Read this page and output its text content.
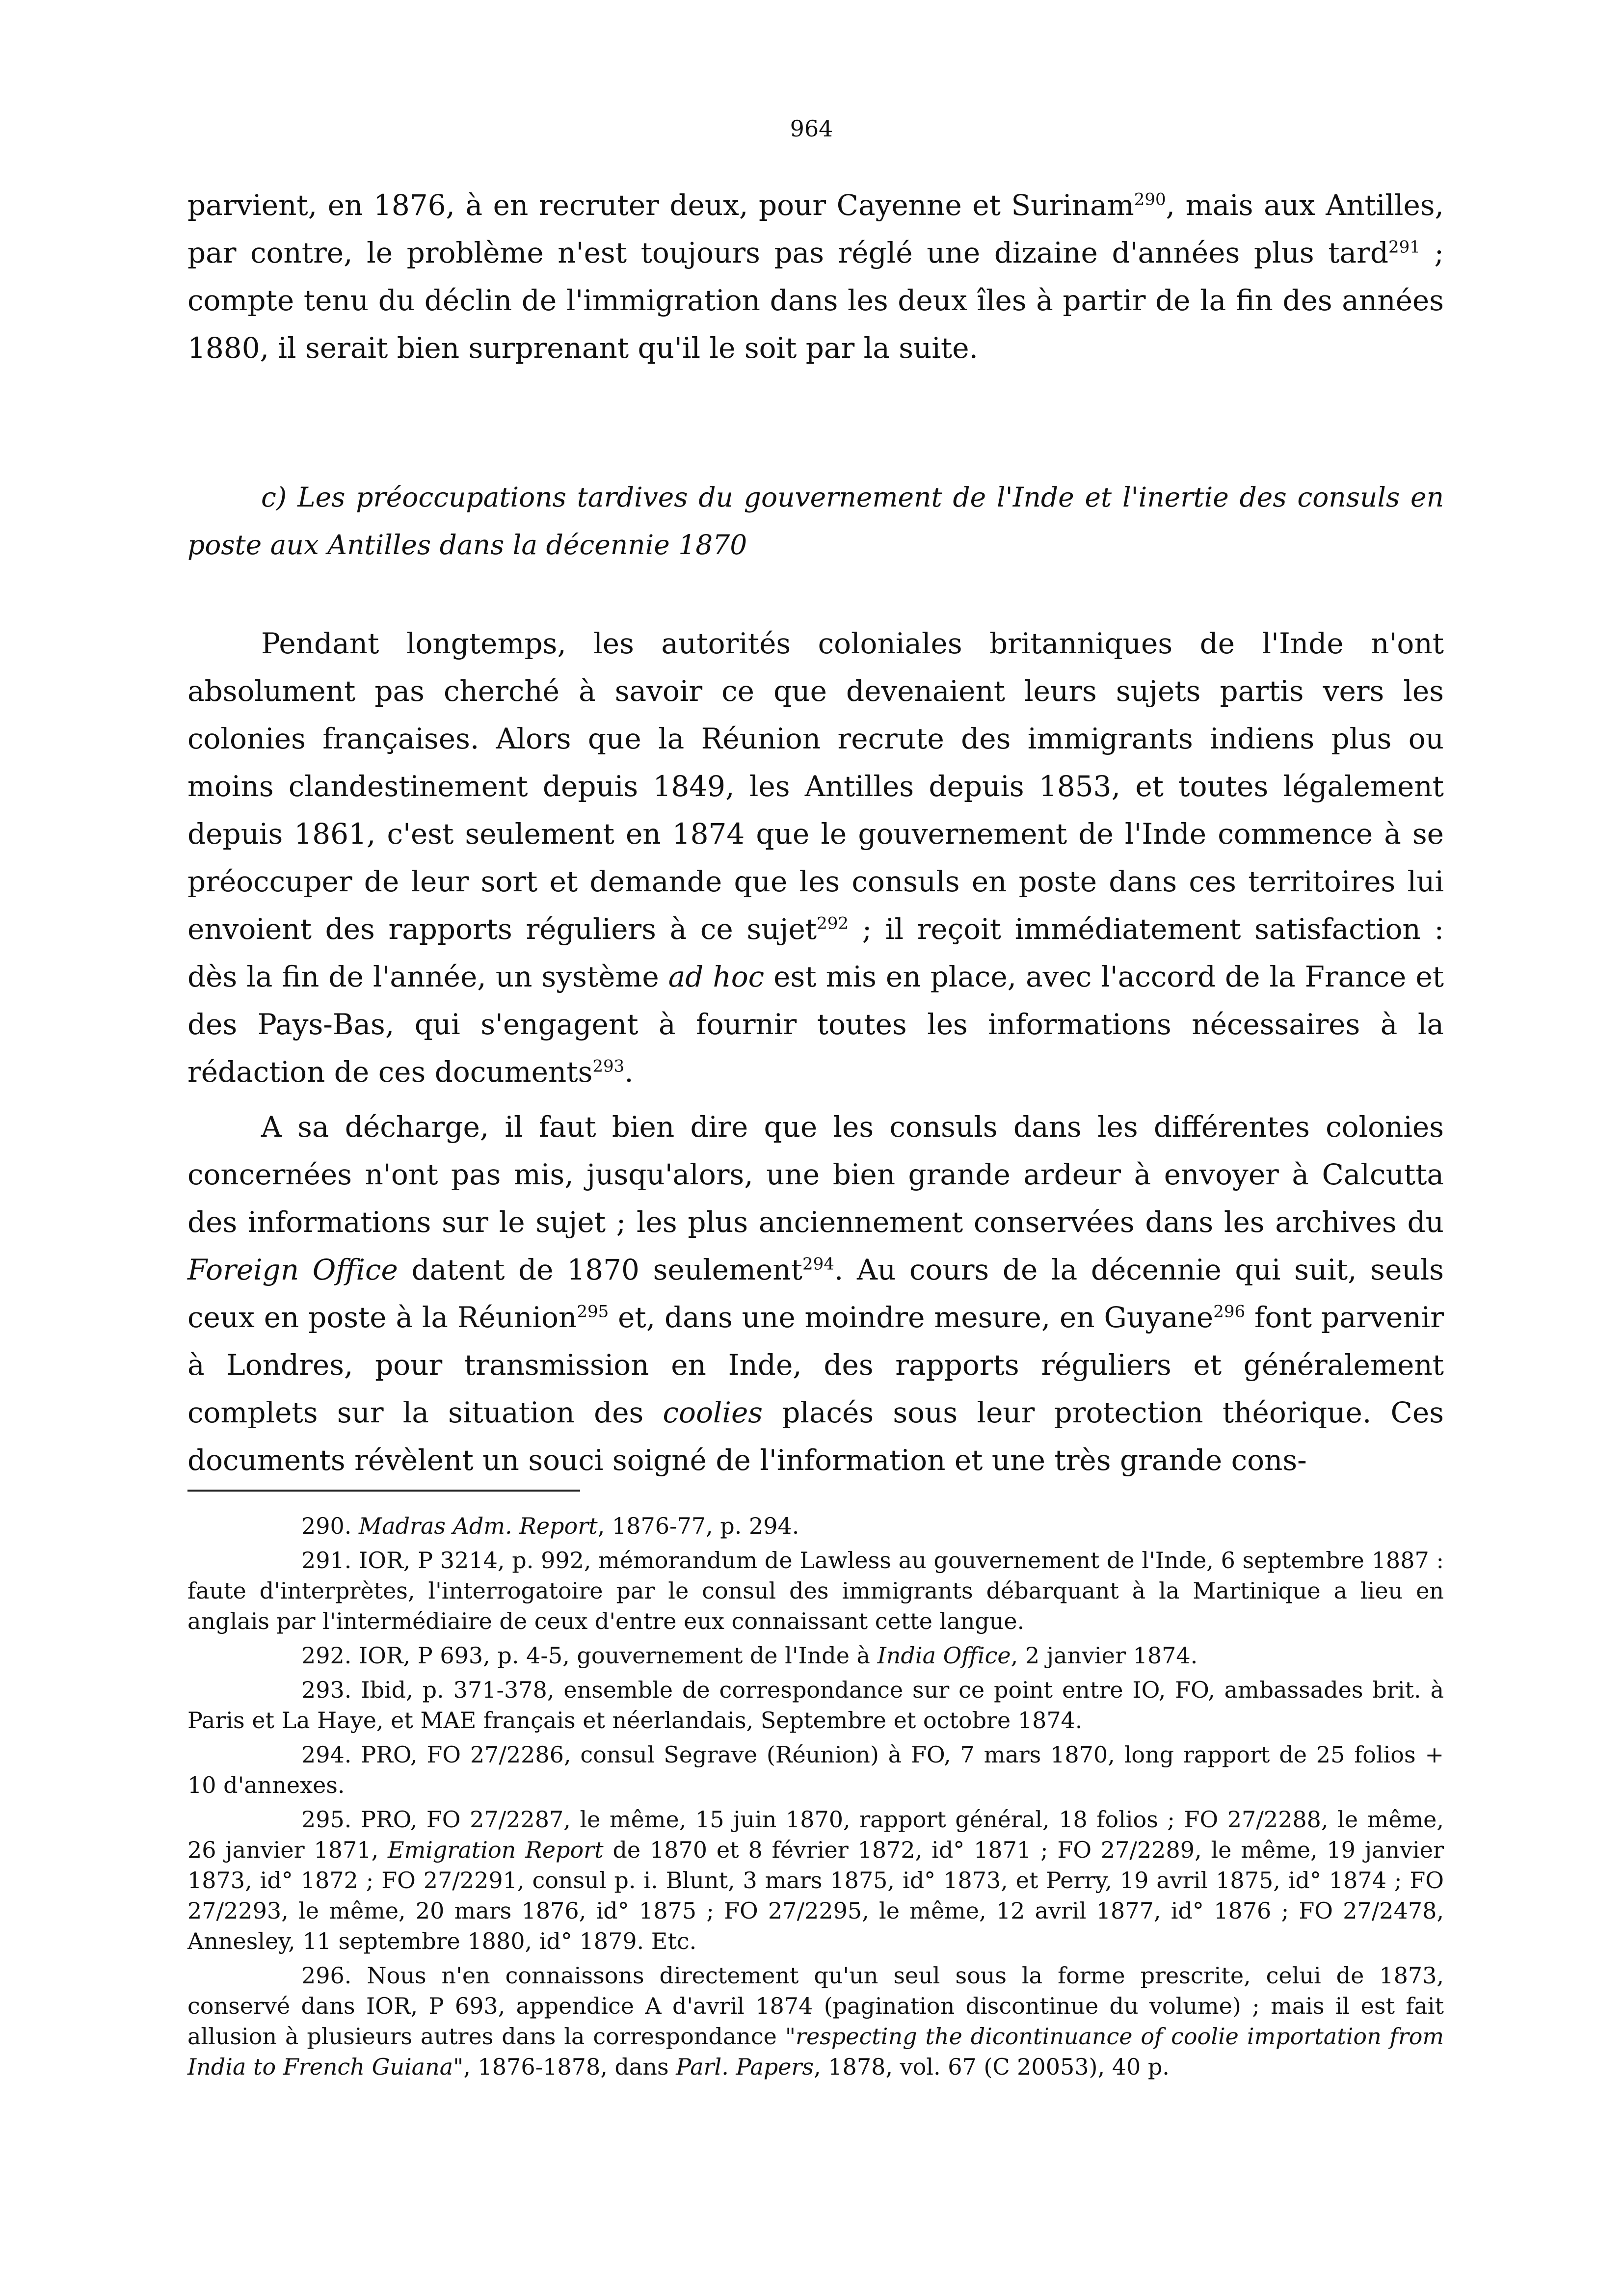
964

parvient, en 1876, à en recruter deux, pour Cayenne et Surinam$^{290}$, mais aux Antilles, par contre, le problème n'est toujours pas réglé une dizaine d'années plus tard$^{291}$ ; compte tenu du déclin de l'immigration dans les deux îles à partir de la fin des années 1880, il serait bien surprenant qu'il le soit par la suite.

c) Les préoccupations tardives du gouvernement de l'Inde et l'inertie des consuls en poste aux Antilles dans la décennie 1870

Pendant longtemps, les autorités coloniales britanniques de l'Inde n'ont absolument pas cherché à savoir ce que devenaient leurs sujets partis vers les colonies françaises. Alors que la Réunion recrute des immigrants indiens plus ou moins clandestinement depuis 1849, les Antilles depuis 1853, et toutes légalement depuis 1861, c'est seulement en 1874 que le gouvernement de l'Inde commence à se préoccuper de leur sort et demande que les consuls en poste dans ces territoires lui envoient des rapports réguliers à ce sujet$^{292}$ ; il reçoit immédiatement satisfaction : dès la fin de l'année, un système ad hoc est mis en place, avec l'accord de la France et des Pays-Bas, qui s'engagent à fournir toutes les informations nécessaires à la rédaction de ces documents$^{293}$.

A sa décharge, il faut bien dire que les consuls dans les différentes colonies concernées n'ont pas mis, jusqu'alors, une bien grande ardeur à envoyer à Calcutta des informations sur le sujet ; les plus anciennement conservées dans les archives du Foreign Office datent de 1870 seulement$^{294}$. Au cours de la décennie qui suit, seuls ceux en poste à la Réunion$^{295}$ et, dans une moindre mesure, en Guyane$^{296}$ font parvenir à Londres, pour transmission en Inde, des rapports réguliers et généralement complets sur la situation des coolies placés sous leur protection théorique. Ces documents révèlent un souci soigné de l'information et une très grande cons-

290. Madras Adm. Report, 1876-77, p. 294.

291. IOR, P 3214, p. 992, mémorandum de Lawless au gouvernement de l'Inde, 6 septembre 1887 : faute d'interprètes, l'interrogatoire par le consul des immigrants débarquant à la Martinique a lieu en anglais par l'intermédiaire de ceux d'entre eux connaissant cette langue.

292. IOR, P 693, p. 4-5, gouvernement de l'Inde à India Office, 2 janvier 1874.

293. Ibid, p. 371-378, ensemble de correspondance sur ce point entre IO, FO, ambassades brit. à Paris et La Haye, et MAE français et néerlandais, Septembre et octobre 1874.

294. PRO, FO 27/2286, consul Segrave (Réunion) à FO, 7 mars 1870, long rapport de 25 folios + 10 d'annexes.

295. PRO, FO 27/2287, le même, 15 juin 1870, rapport général, 18 folios ; FO 27/2288, le même, 26 janvier 1871, Emigration Report de 1870 et 8 février 1872, id° 1871 ; FO 27/2289, le même, 19 janvier 1873, id° 1872 ; FO 27/2291, consul p. i. Blunt, 3 mars 1875, id° 1873, et Perry, 19 avril 1875, id° 1874 ; FO 27/2293, le même, 20 mars 1876, id° 1875 ; FO 27/2295, le même, 12 avril 1877, id° 1876 ; FO 27/2478, Annesley, 11 septembre 1880, id° 1879. Etc.

296. Nous n'en connaissons directement qu'un seul sous la forme prescrite, celui de 1873, conservé dans IOR, P 693, appendice A d'avril 1874 (pagination discontinue du volume) ; mais il est fait allusion à plusieurs autres dans la correspondance "respecting the dicontinuance of coolie importation from India to French Guiana", 1876-1878, dans Parl. Papers, 1878, vol. 67 (C 20053), 40 p.
